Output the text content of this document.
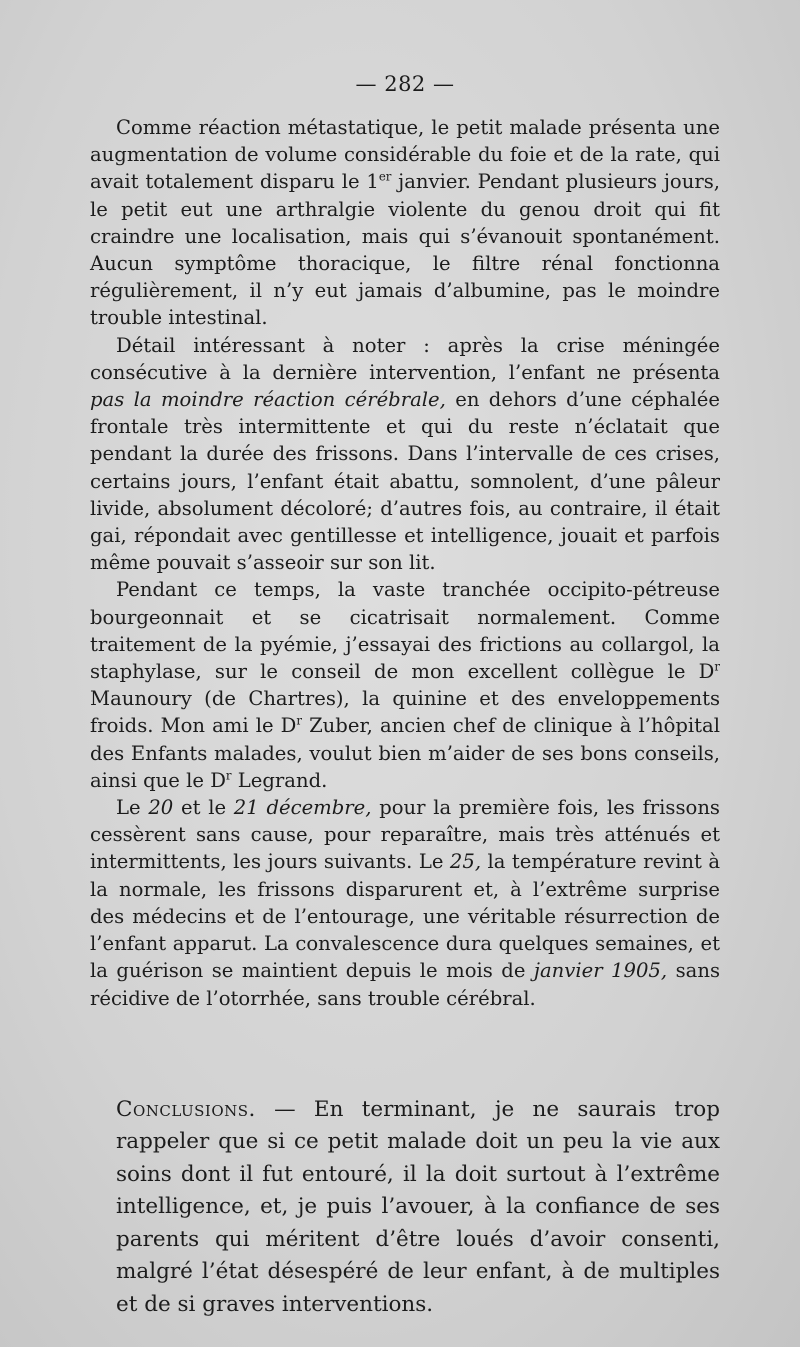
— 282 —

Comme réaction métastatique, le petit malade présenta une augmentation de volume considérable du foie et de la rate, qui avait totalement disparu le 1er janvier. Pendant plusieurs jours, le petit eut une arthralgie violente du genou droit qui fit craindre une localisation, mais qui s’évanouit spontanément. Aucun symptôme thoracique, le filtre rénal fonctionna régulièrement, il n’y eut jamais d’albumine, pas le moindre trouble intestinal.

Détail intéressant à noter : après la crise méningée consécutive à la dernière intervention, l’enfant ne présenta pas la moindre réaction cérébrale, en dehors d’une céphalée frontale très intermittente et qui du reste n’éclatait que pendant la durée des frissons. Dans l’intervalle de ces crises, certains jours, l’enfant était abattu, somnolent, d’une pâleur livide, absolument décoloré; d’autres fois, au contraire, il était gai, répondait avec gentillesse et intelligence, jouait et parfois même pouvait s’asseoir sur son lit.

Pendant ce temps, la vaste tranchée occipito-pétreuse bourgeonnait et se cicatrisait normalement. Comme traitement de la pyémie, j’essayai des frictions au collargol, la staphylase, sur le conseil de mon excellent collègue le $D^r$ Maunoury (de Chartres), la quinine et des enveloppements froids. Mon ami le $D^r$ Zuber, ancien chef de clinique à l’hôpital des Enfants malades, voulut bien m’aider de ses bons conseils, ainsi que le $D^r$ Legrand.

Le 20 et le 21 décembre, pour la première fois, les frissons cessèrent sans cause, pour reparaître, mais très atténués et intermittents, les jours suivants. Le 25, la température revint à la normale, les frissons disparurent et, à l’extrême surprise des médecins et de l’entourage, une véritable résurrection de l’enfant apparut. La convalescence dura quelques semaines, et la guérison se maintient depuis le mois de janvier 1905, sans récidive de l’otorrhée, sans trouble cérébral.

Conclusions. — En terminant, je ne saurais trop rappeler que si ce petit malade doit un peu la vie aux soins dont il fut entouré, il la doit surtout à l’extrême intelligence, et, je puis l’avouer, à la confiance de ses parents qui méritent d’être loués d’avoir consenti, malgré l’état désespéré de leur enfant, à de multiples et de si graves interventions.
